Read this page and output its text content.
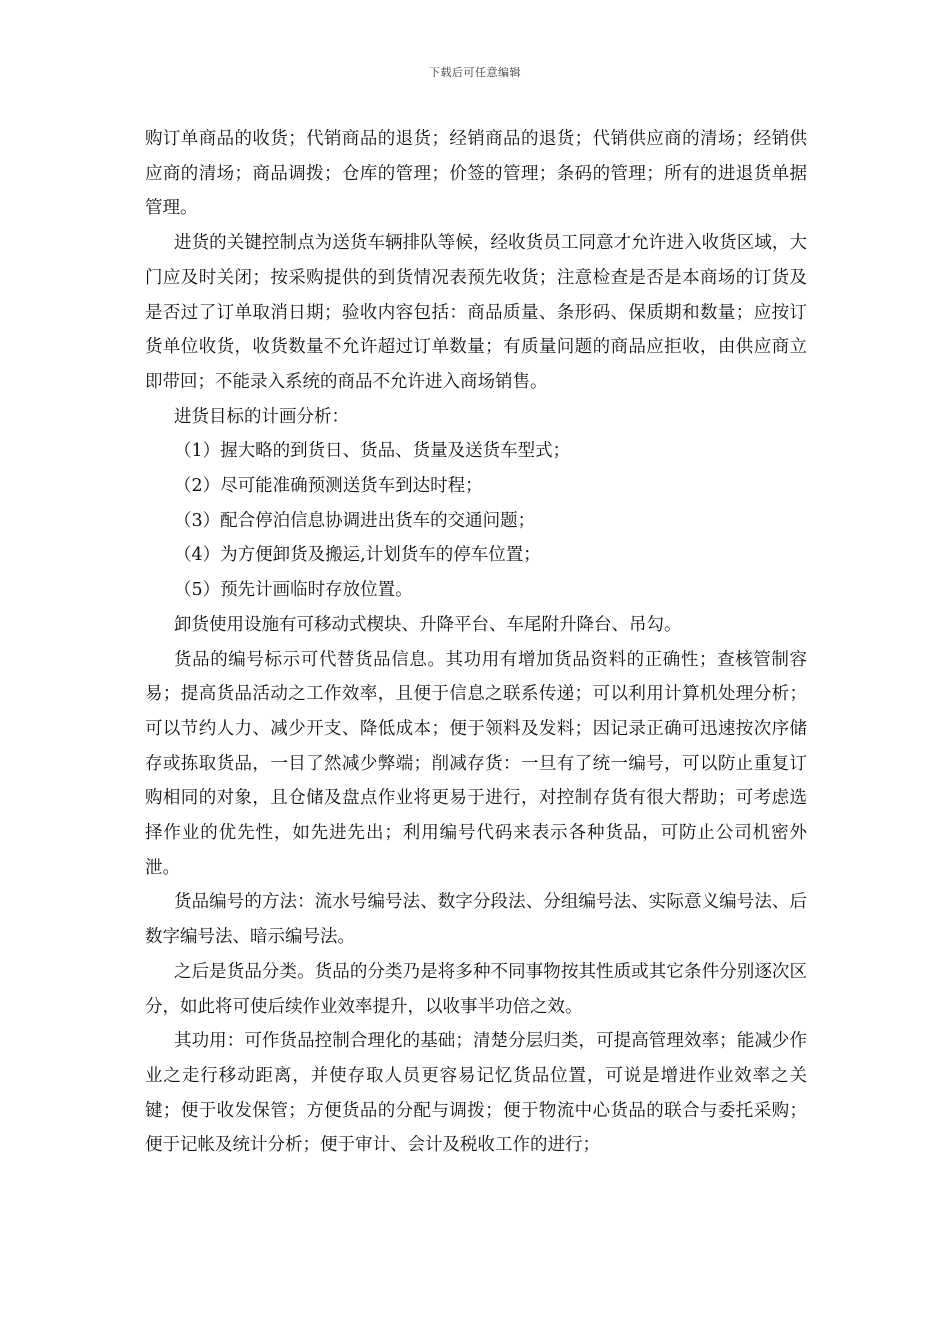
下载后可任意编辑

购订单商品的收货；代销商品的退货；经销商品的退货；代销供应商的清场；经销供应商的清场；商品调拨；仓库的管理；价签的管理；条码的管理；所有的进退货单据管理。

进货的关键控制点为送货车辆排队等候，经收货员工同意才允许进入收货区域，大门应及时关闭；按采购提供的到货情况表预先收货；注意检查是否是本商场的订货及是否过了订单取消日期；验收内容包括：商品质量、条形码、保质期和数量；应按订货单位收货，收货数量不允许超过订单数量；有质量问题的商品应拒收，由供应商立即带回；不能录入系统的商品不允许进入商场销售。

进货目标的计画分析：

（1）握大略的到货日、货品、货量及送货车型式；

（2）尽可能准确预测送货车到达时程；

（3）配合停泊信息协调进出货车的交通问题；

（4）为方便卸货及搬运,计划货车的停车位置；

（5）预先计画临时存放位置。

卸货使用设施有可移动式楔块、升降平台、车尾附升降台、吊勾。

货品的编号标示可代替货品信息。其功用有增加货品资料的正确性；查核管制容易；提高货品活动之工作效率，且便于信息之联系传递；可以利用计算机处理分析；可以节约人力、减少开支、降低成本；便于领料及发料；因记录正确可迅速按次序储存或拣取货品，一目了然减少弊端；削减存货：一旦有了统一编号，可以防止重复订购相同的对象，且仓储及盘点作业将更易于进行，对控制存货有很大帮助；可考虑选择作业的优先性，如先进先出；利用编号代码来表示各种货品，可防止公司机密外泄。

货品编号的方法：流水号编号法、数字分段法、分组编号法、实际意义编号法、后数字编号法、暗示编号法。

之后是货品分类。货品的分类乃是将多种不同事物按其性质或其它条件分别逐次区分，如此将可使后续作业效率提升，以收事半功倍之效。

其功用：可作货品控制合理化的基础；清楚分层归类，可提高管理效率；能减少作业之走行移动距离，并使存取人员更容易记忆货品位置，可说是增进作业效率之关键；便于收发保管；方便货品的分配与调拨；便于物流中心货品的联合与委托采购；便于记帐及统计分析；便于审计、会计及税收工作的进行；
